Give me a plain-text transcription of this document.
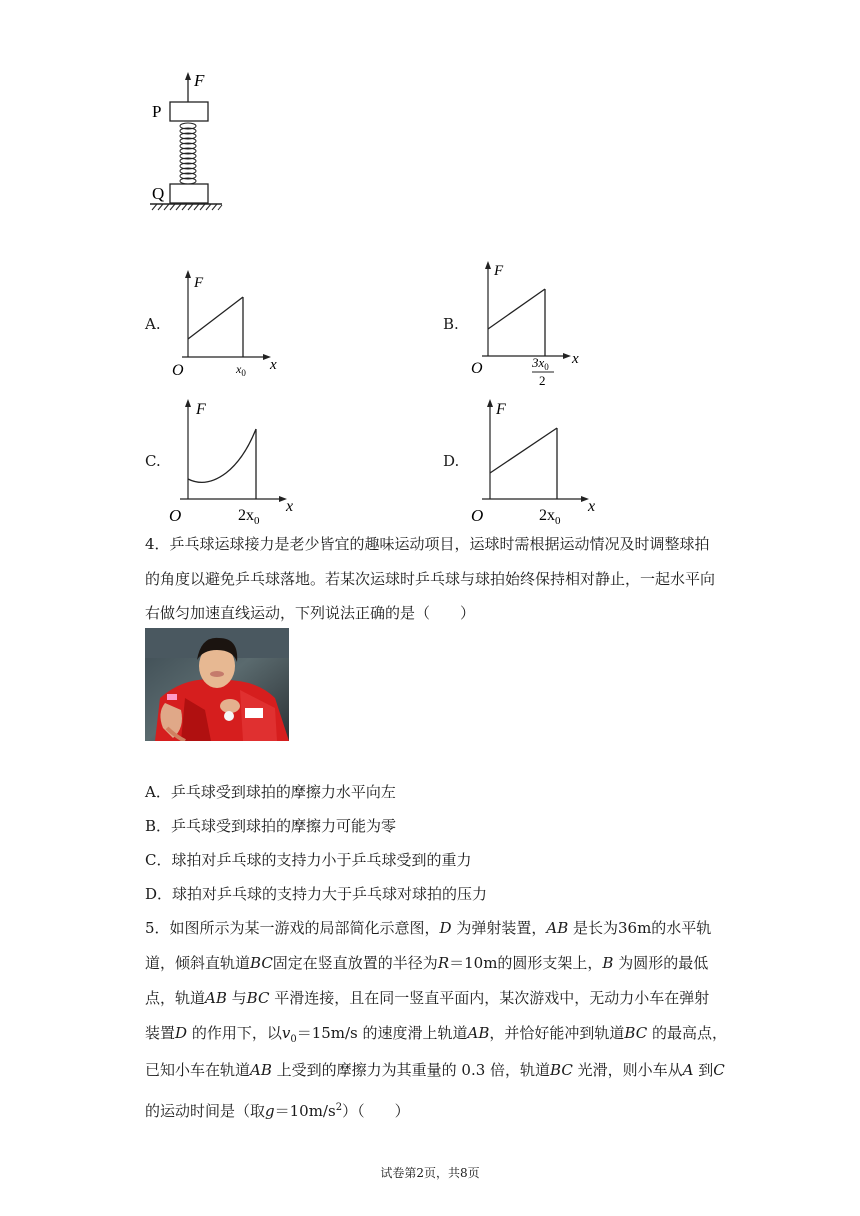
F
P
Q
A.
F
O	x
$x_0$
B.
F
O
x
$3x_0$
2
C.
F
O	x
$2x_0$
D.
F
O	x
$2x_0$
4．乒乓球运球接力是老少皆宜的趣味运动项目，运球时需根据运动情况及时调整球拍
的角度以避免乒乓球落地。若某次运球时乒乓球与球拍始终保持相对静止，一起水平向
右做匀加速直线运动，下列说法正确的是（　　）
A．乒乓球受到球拍的摩擦力水平向左
B．乒乓球受到球拍的摩擦力可能为零
C．球拍对乒乓球的支持力小于乒乓球受到的重力
D．球拍对乒乓球的支持力大于乒乓球对球拍的压力
5．如图所示为某一游戏的局部简化示意图，D 为弹射装置，AB 是长为36m的水平轨
道，倾斜直轨道BC固定在竖直放置的半径为R＝10m的圆形支架上，B 为圆形的最低
点，轨道AB 与BC 平滑连接，且在同一竖直平面内，某次游戏中，无动力小车在弹射
装置D 的作用下，以$v_0=15m/s$ 的速度滑上轨道AB，并恰好能冲到轨道BC 的最高点，
已知小车在轨道AB 上受到的摩擦力为其重量的 0.3 倍，轨道BC 光滑，则小车从A 到C
的运动时间是（取$g=10m/s^2$）（　　）
试卷第2页，共8页
